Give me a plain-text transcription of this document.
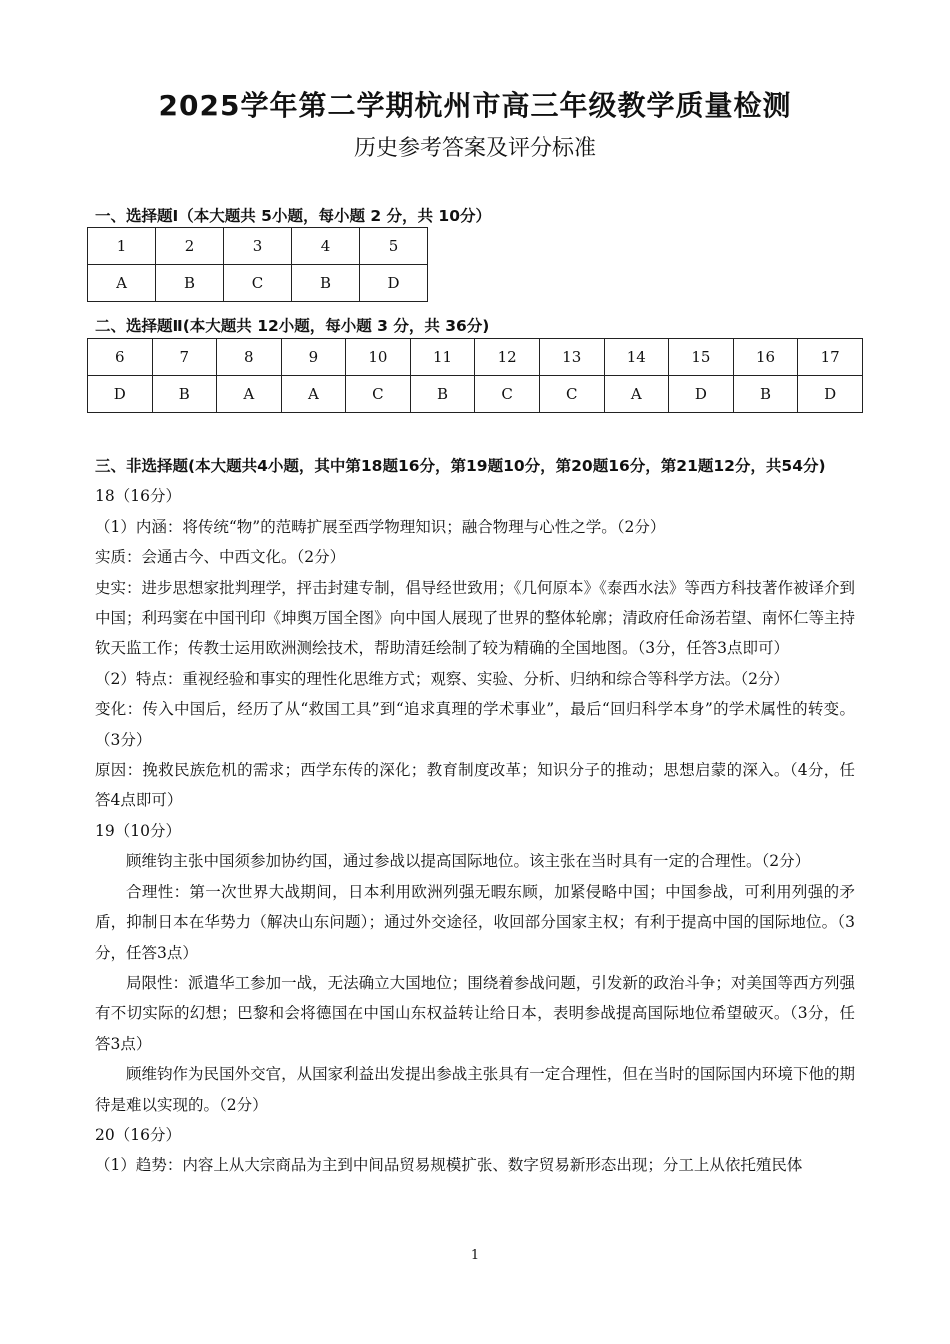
2025学年第二学期杭州市高三年级教学质量检测
历史参考答案及评分标准
一、选择题Ⅰ（本大题共 5小题，每小题 2 分，共 10分）
1	2	3	4	5
A	B	C	B	D
二、选择题Ⅱ(本大题共 12小题，每小题 3 分，共 36分)
6	7	8	9	10	11	12	13	14	15	16	17
D	B	A	A	C	B	C	C	A	D	B	D

三、非选择题(本大题共4小题，其中第18题16分，第19题10分，第20题16分，第21题12分，共54分)

18（16分）

（1）内涵：将传统“物”的范畴扩展至西学物理知识；融合物理与心性之学。（2分）

实质：会通古今、中西文化。（2分）

史实：进步思想家批判理学，抨击封建专制，倡导经世致用；《几何原本》《泰西水法》等西方科技著作被译介到中国；利玛窦在中国刊印《坤舆万国全图》向中国人展现了世界的整体轮廓；清政府任命汤若望、南怀仁等主持钦天监工作；传教士运用欧洲测绘技术，帮助清廷绘制了较为精确的全国地图。（3分，任答3点即可）

（2）特点：重视经验和事实的理性化思维方式；观察、实验、分析、归纳和综合等科学方法。（2分）

变化：传入中国后，经历了从“救国工具”到“追求真理的学术事业”，最后“回归科学本身”的学术属性的转变。（3分）

原因：挽救民族危机的需求；西学东传的深化；教育制度改革；知识分子的推动；思想启蒙的深入。（4分，任答4点即可）

19（10分）

顾维钧主张中国须参加协约国，通过参战以提高国际地位。该主张在当时具有一定的合理性。（2分）

合理性：第一次世界大战期间，日本利用欧洲列强无暇东顾，加紧侵略中国；中国参战，可利用列强的矛盾，抑制日本在华势力（解决山东问题）；通过外交途径，收回部分国家主权；有利于提高中国的国际地位。（3分，任答3点）

局限性：派遣华工参加一战，无法确立大国地位；围绕着参战问题，引发新的政治斗争；对美国等西方列强有不切实际的幻想；巴黎和会将德国在中国山东权益转让给日本，表明参战提高国际地位希望破灭。（3分，任答3点）

顾维钧作为民国外交官，从国家利益出发提出参战主张具有一定合理性，但在当时的国际国内环境下他的期待是难以实现的。（2分）

20（16分）

（1）趋势：内容上从大宗商品为主到中间品贸易规模扩张、数字贸易新形态出现；分工上从依托殖民体

1
